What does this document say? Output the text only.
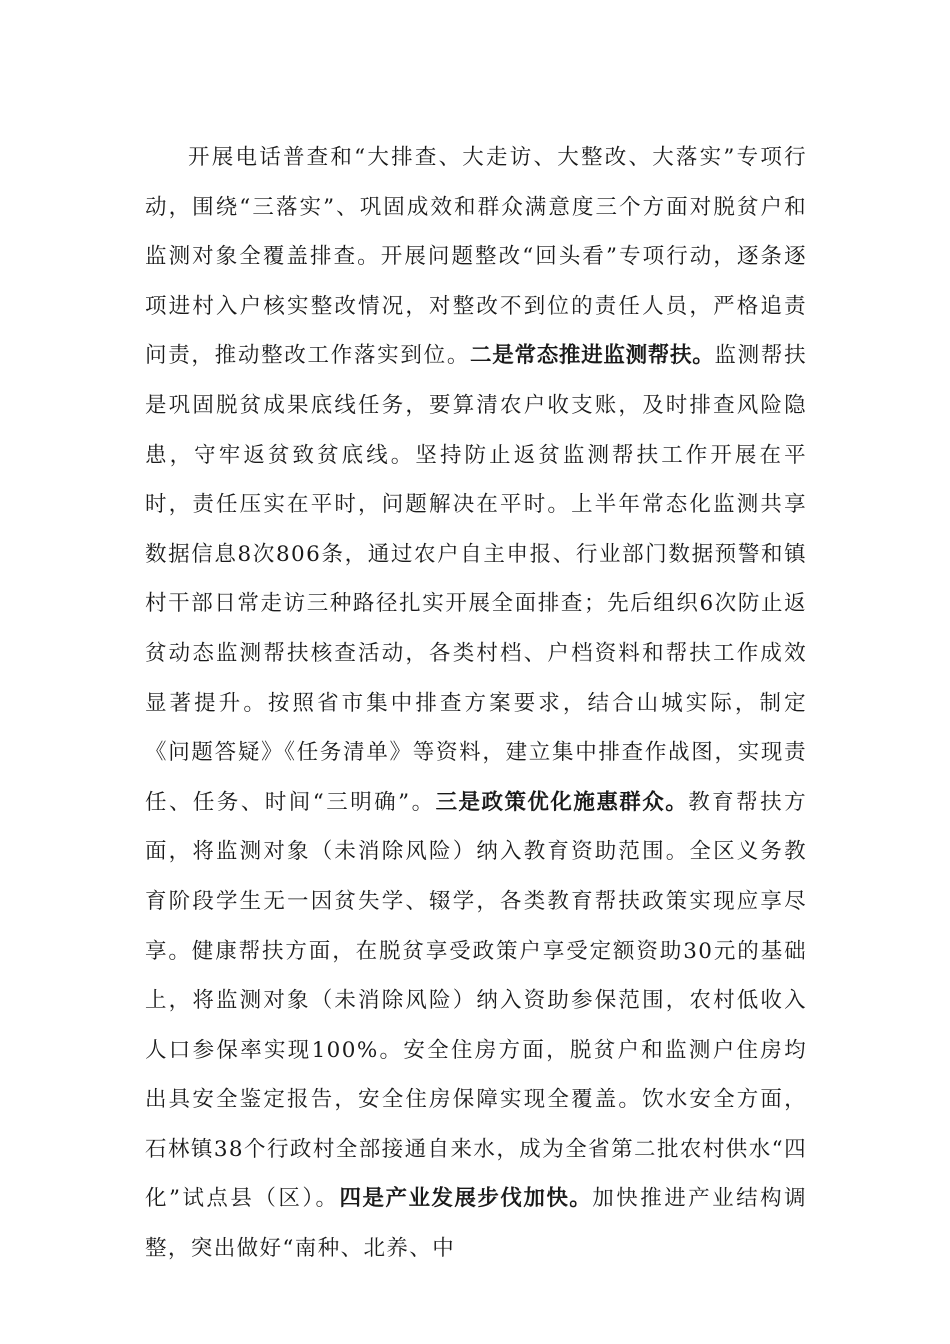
开展电话普查和“大排查、大走访、大整改、大落实”专项行动，围绕“三落实”、巩固成效和群众满意度三个方面对脱贫户和监测对象全覆盖排查。开展问题整改“回头看”专项行动，逐条逐项进村入户核实整改情况，对整改不到位的责任人员，严格追责问责，推动整改工作落实到位。二是常态推进监测帮扶。监测帮扶是巩固脱贫成果底线任务，要算清农户收支账，及时排查风险隐患，守牢返贫致贫底线。坚持防止返贫监测帮扶工作开展在平时，责任压实在平时，问题解决在平时。上半年常态化监测共享数据信息8次806条，通过农户自主申报、行业部门数据预警和镇村干部日常走访三种路径扎实开展全面排查；先后组织6次防止返贫动态监测帮扶核查活动，各类村档、户档资料和帮扶工作成效显著提升。按照省市集中排查方案要求，结合山城实际，制定《问题答疑》《任务清单》等资料，建立集中排查作战图，实现责任、任务、时间“三明确”。三是政策优化施惠群众。教育帮扶方面，将监测对象（未消除风险）纳入教育资助范围。全区义务教育阶段学生无一因贫失学、辍学，各类教育帮扶政策实现应享尽享。健康帮扶方面，在脱贫享受政策户享受定额资助30元的基础上，将监测对象（未消除风险）纳入资助参保范围，农村低收入人口参保率实现100%。安全住房方面，脱贫户和监测户住房均出具安全鉴定报告，安全住房保障实现全覆盖。饮水安全方面，石林镇38个行政村全部接通自来水，成为全省第二批农村供水“四化”试点县（区）。四是产业发展步伐加快。加快推进产业结构调整，突出做好“南种、北养、中
